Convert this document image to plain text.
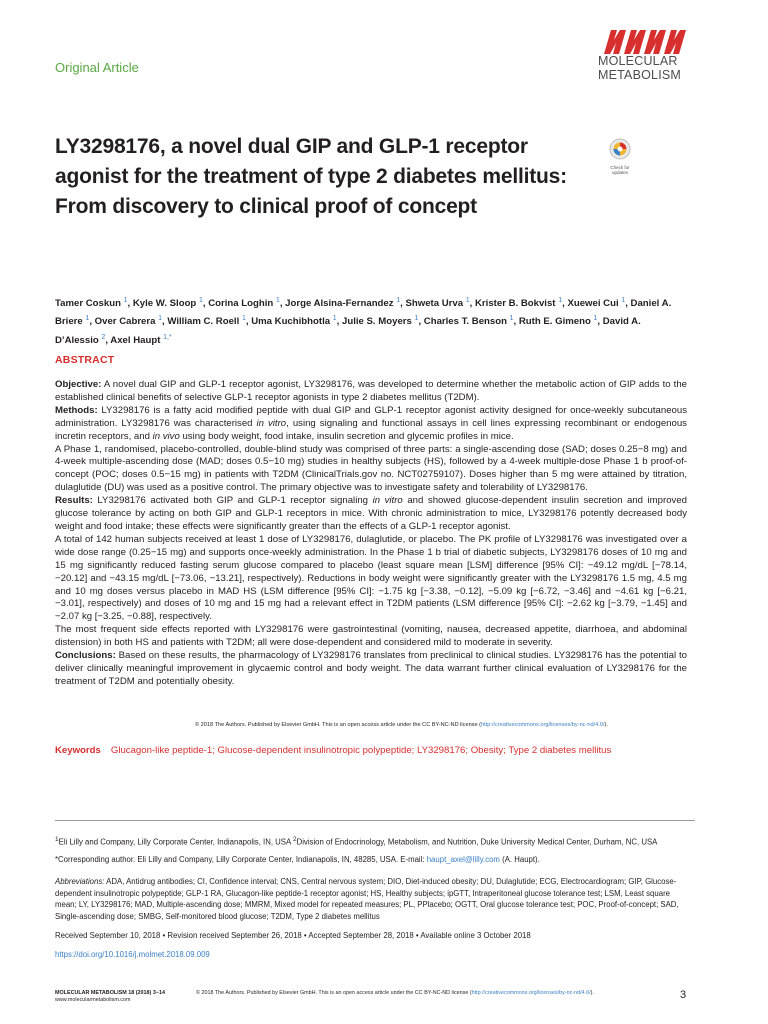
Original Article	MOLECULAR
METABOLISM
LY3298176, a novel dual GIP and GLP-1 receptor agonist for the treatment of type 2 diabetes mellitus: From discovery to clinical proof of concept
Check for updates
Tamer Coskun $^1$, Kyle W. Sloop $^1$, Corina Loghin $^1$, Jorge Alsina-Fernandez $^1$, Shweta Urva $^1$, Krister B. Bokvist $^1$, Xuewei Cui $^1$, Daniel A. Briere $^1$, Over Cabrera $^1$, William C. Roell $^1$, Uma Kuchibhotla $^1$, Julie S. Moyers $^1$, Charles T. Benson $^1$, Ruth E. Gimeno $^1$, David A. D’Alessio $^2$, Axel Haupt $^{1,*}$
ABSTRACT

Objective: A novel dual GIP and GLP-1 receptor agonist, LY3298176, was developed to determine whether the metabolic action of GIP adds to the established clinical benefits of selective GLP-1 receptor agonists in type 2 diabetes mellitus (T2DM).

Methods: LY3298176 is a fatty acid modified peptide with dual GIP and GLP-1 receptor agonist activity designed for once-weekly subcutaneous administration. LY3298176 was characterised in vitro, using signaling and functional assays in cell lines expressing recombinant or endogenous incretin receptors, and in vivo using body weight, food intake, insulin secretion and glycemic profiles in mice.

A Phase 1, randomised, placebo-controlled, double-blind study was comprised of three parts: a single-ascending dose (SAD; doses 0.25−8 mg) and 4-week multiple-ascending dose (MAD; doses 0.5−10 mg) studies in healthy subjects (HS), followed by a 4-week multiple-dose Phase 1 b proof-of-concept (POC; doses 0.5−15 mg) in patients with T2DM (ClinicalTrials.gov no. NCT02759107). Doses higher than 5 mg were attained by titration, dulaglutide (DU) was used as a positive control. The primary objective was to investigate safety and tolerability of LY3298176.

Results: LY3298176 activated both GIP and GLP-1 receptor signaling in vitro and showed glucose-dependent insulin secretion and improved glucose tolerance by acting on both GIP and GLP-1 receptors in mice. With chronic administration to mice, LY3298176 potently decreased body weight and food intake; these effects were significantly greater than the effects of a GLP-1 receptor agonist.

A total of 142 human subjects received at least 1 dose of LY3298176, dulaglutide, or placebo. The PK profile of LY3298176 was investigated over a wide dose range (0.25−15 mg) and supports once-weekly administration. In the Phase 1 b trial of diabetic subjects, LY3298176 doses of 10 mg and 15 mg significantly reduced fasting serum glucose compared to placebo (least square mean [LSM] difference [95% CI]: −49.12 mg/dL [−78.14, −20.12] and −43.15 mg/dL [−73.06, −13.21], respectively). Reductions in body weight were significantly greater with the LY3298176 1.5 mg, 4.5 mg and 10 mg doses versus placebo in MAD HS (LSM difference [95% CI]: −1.75 kg [−3.38, −0.12], −5.09 kg [−6.72, −3.46] and −4.61 kg [−6.21, −3.01], respectively) and doses of 10 mg and 15 mg had a relevant effect in T2DM patients (LSM difference [95% CI]: −2.62 kg [−3.79, −1.45] and −2.07 kg [−3.25, −0.88], respectively.

The most frequent side effects reported with LY3298176 were gastrointestinal (vomiting, nausea, decreased appetite, diarrhoea, and abdominal distension) in both HS and patients with T2DM; all were dose-dependent and considered mild to moderate in severity.

Conclusions: Based on these results, the pharmacology of LY3298176 translates from preclinical to clinical studies. LY3298176 has the potential to deliver clinically meaningful improvement in glycaemic control and body weight. The data warrant further clinical evaluation of LY3298176 for the treatment of T2DM and potentially obesity.

© 2018 The Authors. Published by Elsevier GmbH. This is an open access article under the CC BY-NC-ND license (http://creativecommons.org/licenses/by-nc-nd/4.0/).
Keywords Glucagon-like peptide-1; Glucose-dependent insulinotropic polypeptide; LY3298176; Obesity; Type 2 diabetes mellitus
$^1$Eli Lilly and Company, Lilly Corporate Center, Indianapolis, IN, USA $^2$Division of Endocrinology, Metabolism, and Nutrition, Duke University Medical Center, Durham, NC, USA
*Corresponding author. Eli Lilly and Company, Lilly Corporate Center, Indianapolis, IN, 48285, USA. E-mail: haupt_axel@lilly.com (A. Haupt).
Abbreviations: ADA, Antidrug antibodies; CI, Confidence interval; CNS, Central nervous system; DIO, Diet-induced obesity; DU, Dulaglutide; ECG, Electrocardiogram; GIP, Glucose-dependent insulinotropic polypeptide; GLP-1 RA, Glucagon-like peptide-1 receptor agonist; HS, Healthy subjects; ipGTT, Intraperitoneal glucose tolerance test; LSM, Least square mean; LY, LY3298176; MAD, Multiple-ascending dose; MMRM, Mixed model for repeated measures; PL, PPlacebo; OGTT, Oral glucose tolerance test; POC, Proof-of-concept; SAD, Single-ascending dose; SMBG, Self-monitored blood glucose; T2DM, Type 2 diabetes mellitus
Received September 10, 2018 • Revision received September 26, 2018 • Accepted September 28, 2018 • Available online 3 October 2018
https://doi.org/10.1016/j.molmet.2018.09.009
MOLECULAR METABOLISM 18 (2018) 3−14
www.molecularmetabolism.com
© 2018 The Authors. Published by Elsevier GmbH. This is an open access article under the CC BY-NC-ND license (http://creativecommons.org/licenses/by-nc-nd/4.0/).	3
